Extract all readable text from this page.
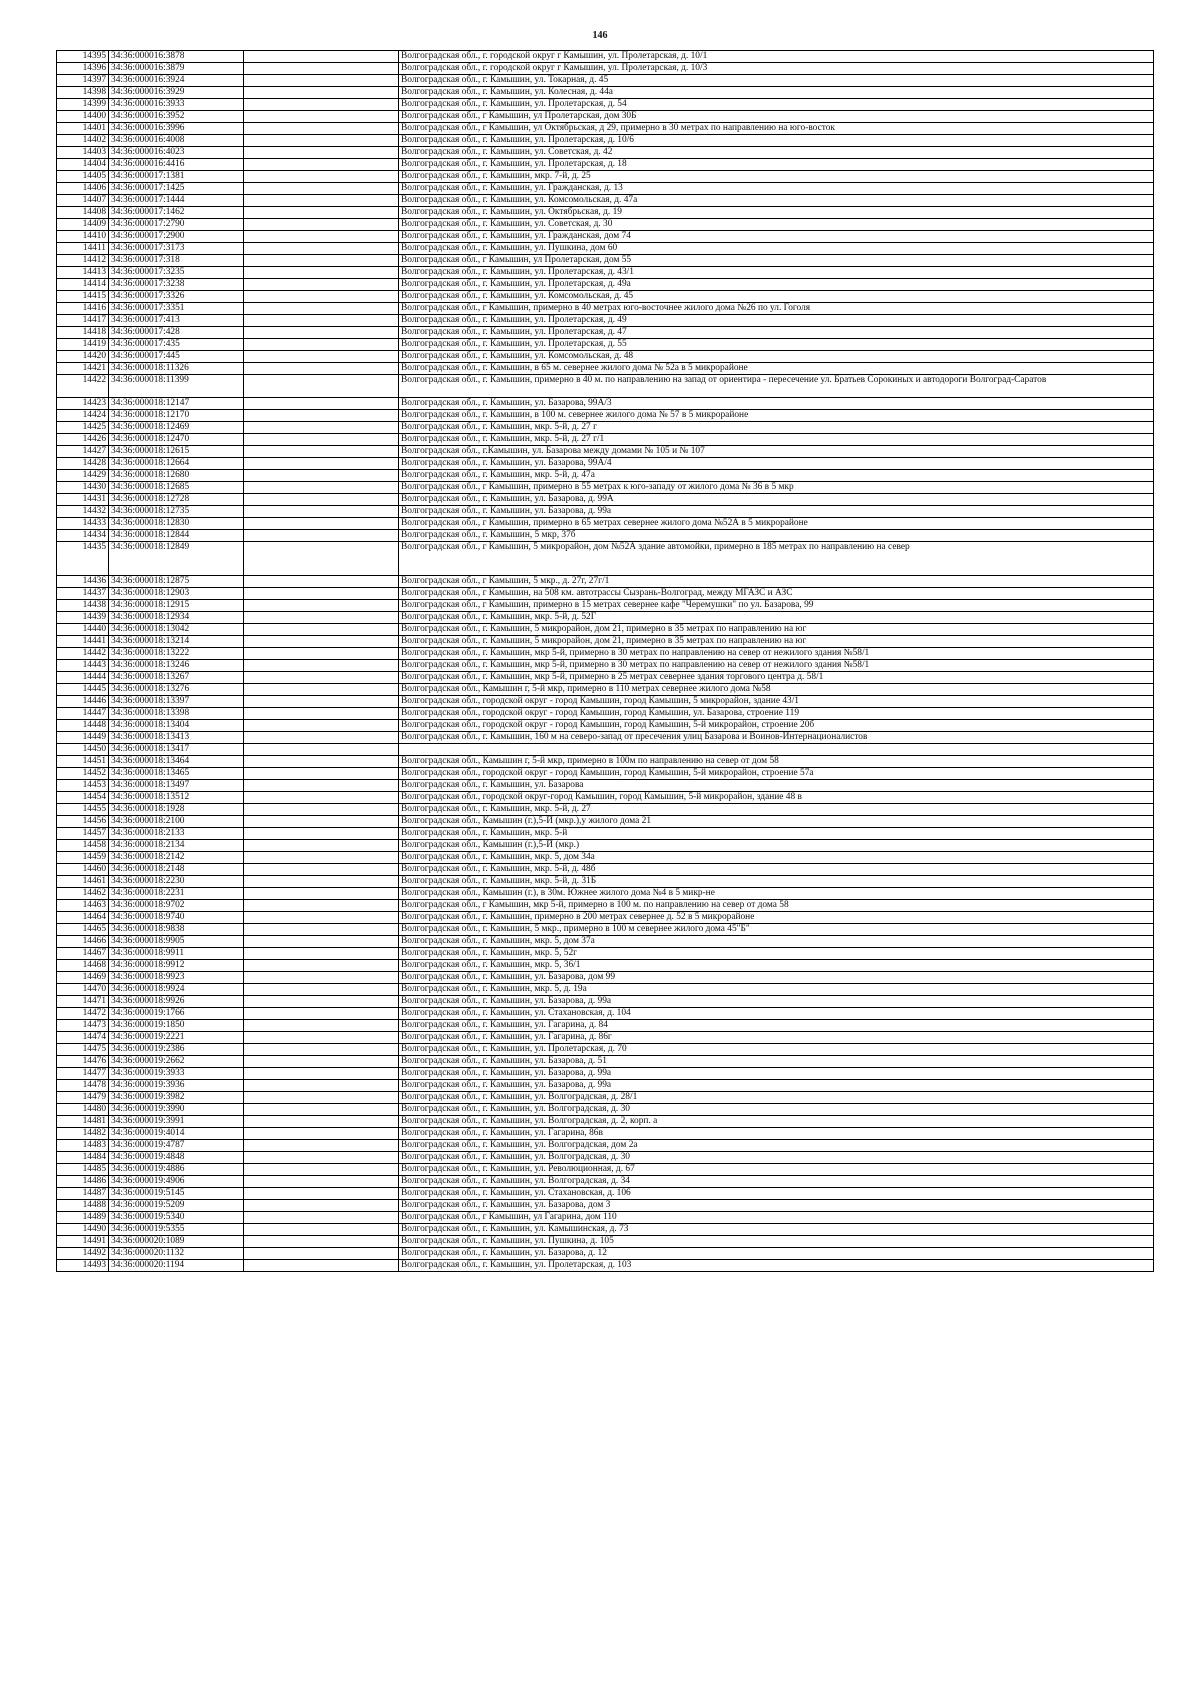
146
14395	34:36:000016:3878		Волгоградская обл., г. городской округ г Камышин, ул. Пролетарская, д. 10/1
14396	34:36:000016:3879		Волгоградская обл., г. городской округ г Камышин, ул. Пролетарская, д. 10/3
14397	34:36:000016:3924		Волгоградская обл., г. Камышин, ул. Токарная, д. 45
14398	34:36:000016:3929		Волгоградская обл., г. Камышин, ул. Колесная, д. 44а
14399	34:36:000016:3933		Волгоградская обл., г. Камышин, ул. Пролетарская, д. 54
14400	34:36:000016:3952		Волгоградская обл., г Камышин, ул Пролетарская, дом 30Б
14401	34:36:000016:3996		Волгоградская обл., г Камышин, ул Октябрьская, д 29, примерно в 30 метрах по направлению на юго-восток
14402	34:36:000016:4008		Волгоградская обл., г. Камышин, ул. Пролетарская, д. 10/6
14403	34:36:000016:4023		Волгоградская обл., г. Камышин, ул. Советская, д. 42
14404	34:36:000016:4416		Волгоградская обл., г. Камышин, ул. Пролетарская, д. 18
14405	34:36:000017:1381		Волгоградская обл., г. Камышин, мкр. 7-й, д. 25
14406	34:36:000017:1425		Волгоградская обл., г. Камышин, ул. Гражданская, д. 13
14407	34:36:000017:1444		Волгоградская обл., г. Камышин, ул. Комсомольская, д. 47а
14408	34:36:000017:1462		Волгоградская обл., г. Камышин, ул. Октябрьская, д. 19
14409	34:36:000017:2790		Волгоградская обл., г. Камышин, ул. Советская, д. 30
14410	34:36:000017:2900		Волгоградская обл., г. Камышин, ул. Гражданская, дом 74
14411	34:36:000017:3173		Волгоградская обл., г. Камышин, ул. Пушкина, дом 60
14412	34:36:000017:318		Волгоградская обл., г Камышин, ул Пролетарская, дом 55
14413	34:36:000017:3235		Волгоградская обл., г. Камышин, ул. Пролетарская, д. 43/1
14414	34:36:000017:3238		Волгоградская обл., г. Камышин, ул. Пролетарская, д. 49а
14415	34:36:000017:3326		Волгоградская обл., г. Камышин, ул. Комсомольская, д. 45
14416	34:36:000017:3351		Волгоградская обл., г Камышин, примерно в 40 метрах юго-восточнее жилого дома №26 по ул. Гоголя
14417	34:36:000017:413		Волгоградская обл., г. Камышин, ул. Пролетарская, д. 49
14418	34:36:000017:428		Волгоградская обл., г. Камышин, ул. Пролетарская, д. 47
14419	34:36:000017:435		Волгоградская обл., г. Камышин, ул. Пролетарская, д. 55
14420	34:36:000017:445		Волгоградская обл., г. Камышин, ул. Комсомольская, д. 48
14421	34:36:000018:11326		Волгоградская обл., г. Камышин, в 65 м. севернее жилого дома № 52а в 5 микрорайоне
14422	34:36:000018:11399		Волгоградская обл., г. Камышин, примерно в 40 м. по направлению на запад от ориентира - пересечение ул. Братьев Сорокиных и автодороги Волгоград-Саратов
14423	34:36:000018:12147		Волгоградская обл., г. Камышин, ул. Базарова, 99А/3
14424	34:36:000018:12170		Волгоградская обл., г. Камышин, в 100 м. севернее жилого дома № 57 в 5 микрорайоне
14425	34:36:000018:12469		Волгоградская обл., г. Камышин, мкр. 5-й, д. 27 г
14426	34:36:000018:12470		Волгоградская обл., г. Камышин, мкр. 5-й, д. 27 г/1
14427	34:36:000018:12615		Волгоградская обл., г.Камышин, ул. Базарова между домами № 105 и № 107
14428	34:36:000018:12664		Волгоградская обл., г. Камышин, ул. Базарова, 99А/4
14429	34:36:000018:12680		Волгоградская обл., г. Камышин, мкр. 5-й, д. 47а
14430	34:36:000018:12685		Волгоградская обл., г Камышин, примерно в 55 метрах к юго-западу от жилого дома № 36 в 5 мкр
14431	34:36:000018:12728		Волгоградская обл., г. Камышин, ул. Базарова, д. 99А
14432	34:36:000018:12735		Волгоградская обл., г. Камышин, ул. Базарова, д. 99а
14433	34:36:000018:12830		Волгоградская обл., г Камышин, примерно в 65 метрах севернее жилого дома №52А в 5 микрорайоне
14434	34:36:000018:12844		Волгоградская обл., г. Камышин, 5 мкр, 37б
14435	34:36:000018:12849		Волгоградская обл., г Камышин, 5 микрорайон, дом №52А здание автомойки, примерно в 185 метрах по направлению на север
14436	34:36:000018:12875		Волгоградская обл., г Камышин, 5 мкр., д. 27г, 27г/1
14437	34:36:000018:12903		Волгоградская обл., г Камышин, на 508 км. автотрассы Сызрань-Волгоград, между МГАЗС и АЗС
14438	34:36:000018:12915		Волгоградская обл., г Камышин, примерно в 15 метрах севернее кафе "Черемушки" по ул. Базарова, 99
14439	34:36:000018:12934		Волгоградская обл., г. Камышин, мкр. 5-й, д. 52Г
14440	34:36:000018:13042		Волгоградская обл., г. Камышин, 5 микрорайон, дом 21, примерно в 35 метрах по направлению на юг
14441	34:36:000018:13214		Волгоградская обл., г. Камышин, 5 микрорайон, дом 21, примерно в 35 метрах по направлению на юг
14442	34:36:000018:13222		Волгоградская обл., г. Камышин, мкр 5-й, примерно в 30 метрах по направлению на север от нежилого здания №58/1
14443	34:36:000018:13246		Волгоградская обл., г. Камышин, мкр 5-й, примерно в 30 метрах по направлению на север от нежилого здания №58/1
14444	34:36:000018:13267		Волгоградская обл., г. Камышин, мкр 5-й, примерно в 25 метрах севернее здания торгового центра д. 58/1
14445	34:36:000018:13276		Волгоградская обл., Камышин г, 5-й мкр, примерно в 110 метрах севернее жилого дома №58
14446	34:36:000018:13397		Волгоградская обл., городской округ - город Камышин, город Камышин, 5 микрорайон, здание 43/1
14447	34:36:000018:13398		Волгоградская обл., городской округ - город Камышин, город Камышин, ул. Базарова, строение 119
14448	34:36:000018:13404		Волгоградская обл., городской округ - город Камышин, город Камышин, 5-й микрорайон, строение 20б
14449	34:36:000018:13413		Волгоградская обл., г. Камышин, 160 м на северо-запад от пресечения улиц Базарова и Воинов-Интернационалистов
14450	34:36:000018:13417		
14451	34:36:000018:13464		Волгоградская обл., Камышин г, 5-й мкр, примерно в 100м по направлению на север от дом 58
14452	34:36:000018:13465		Волгоградская обл., городской округ - город Камышин, город Камышин, 5-й микрорайон, строение 57а
14453	34:36:000018:13497		Волгоградская обл., г. Камышин, ул. Базарова
14454	34:36:000018:13512		Волгоградская обл., городской округ-город Камышин, город Камышин, 5-й микрорайон, здание 48 в
14455	34:36:000018:1928		Волгоградская обл., г. Камышин, мкр. 5-й, д. 27
14456	34:36:000018:2100		Волгоградская обл., Камышин (г.),5-Й (мкр.),у жилого дома 21
14457	34:36:000018:2133		Волгоградская обл., г. Камышин, мкр. 5-й
14458	34:36:000018:2134		Волгоградская обл., Камышин (г.),5-Й (мкр.)
14459	34:36:000018:2142		Волгоградская обл., г. Камышин, мкр. 5, дом 34а
14460	34:36:000018:2148		Волгоградская обл., г. Камышин, мкр. 5-й, д. 48б
14461	34:36:000018:2230		Волгоградская обл., г. Камышин, мкр. 5-й, д. 31Б
14462	34:36:000018:2231		Волгоградская обл., Камышин (г.), в 30м. Южнее жилого дома №4 в 5 микр-не
14463	34:36:000018:9702		Волгоградская обл., г Камышин, мкр 5-й, примерно в 100 м. по направлению на север от дома 58
14464	34:36:000018:9740		Волгоградская обл., г. Камышин, примерно в 200 метрах севернее д. 52 в 5 микрорайоне
14465	34:36:000018:9838		Волгоградская обл., г. Камышин, 5 мкр., примерно в 100 м севернее жилого дома 45"Б"
14466	34:36:000018:9905		Волгоградская обл., г. Камышин, мкр. 5, дом 37а
14467	34:36:000018:9911		Волгоградская обл., г. Камышин, мкр. 5, 52г
14468	34:36:000018:9912		Волгоградская обл., г. Камышин, мкр. 5, 36/1
14469	34:36:000018:9923		Волгоградская обл., г. Камышин, ул. Базарова, дом 99
14470	34:36:000018:9924		Волгоградская обл., г. Камышин, мкр. 5, д. 19а
14471	34:36:000018:9926		Волгоградская обл., г. Камышин, ул. Базарова, д. 99а
14472	34:36:000019:1766		Волгоградская обл., г. Камышин, ул. Стахановская, д. 104
14473	34:36:000019:1850		Волгоградская обл., г. Камышин, ул. Гагарина, д. 84
14474	34:36:000019:2221		Волгоградская обл., г. Камышин, ул. Гагарина, д. 86г
14475	34:36:000019:2386		Волгоградская обл., г. Камышин, ул. Пролетарская, д. 70
14476	34:36:000019:2662		Волгоградская обл., г. Камышин, ул. Базарова, д. 51
14477	34:36:000019:3933		Волгоградская обл., г. Камышин, ул. Базарова, д. 99а
14478	34:36:000019:3936		Волгоградская обл., г. Камышин, ул. Базарова, д. 99а
14479	34:36:000019:3982		Волгоградская обл., г. Камышин, ул. Волгоградская, д. 28/1
14480	34:36:000019:3990		Волгоградская обл., г. Камышин, ул. Волгоградская, д. 30
14481	34:36:000019:3991		Волгоградская обл., г. Камышин, ул. Волгоградская, д. 2, корп. а
14482	34:36:000019:4014		Волгоградская обл., г. Камышин, ул. Гагарина, 86в
14483	34:36:000019:4787		Волгоградская обл., г. Камышин, ул. Волгоградская, дом 2а
14484	34:36:000019:4848		Волгоградская обл., г. Камышин, ул. Волгоградская, д. 30
14485	34:36:000019:4886		Волгоградская обл., г. Камышин, ул. Революционная, д. 67
14486	34:36:000019:4906		Волгоградская обл., г. Камышин, ул. Волгоградская, д. 34
14487	34:36:000019:5145		Волгоградская обл., г. Камышин, ул. Стахановская, д. 106
14488	34:36:000019:5209		Волгоградская обл., г. Камышин, ул. Базарова, дом 3
14489	34:36:000019:5340		Волгоградская обл., г Камышин, ул Гагарина, дом 110
14490	34:36:000019:5355		Волгоградская обл., г. Камышин, ул. Камышинская, д. 73
14491	34:36:000020:1089		Волгоградская обл., г. Камышин, ул. Пушкина, д. 105
14492	34:36:000020:1132		Волгоградская обл., г. Камышин, ул. Базарова, д. 12
14493	34:36:000020:1194		Волгоградская обл., г. Камышин, ул. Пролетарская, д. 103
